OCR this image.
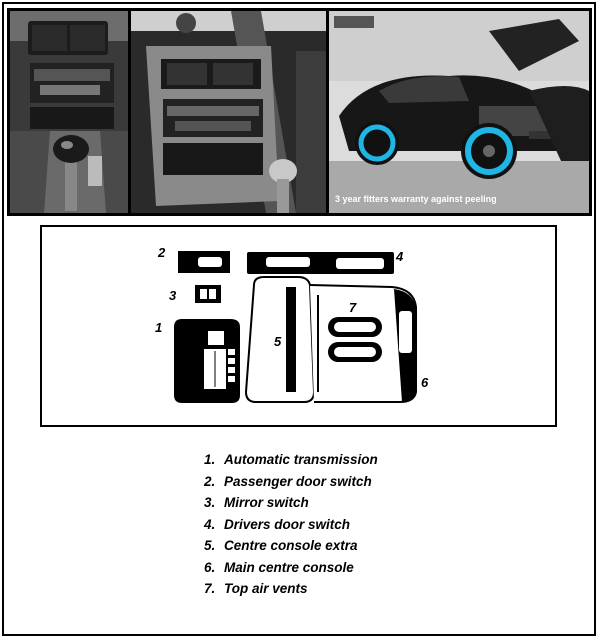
3 year fitters warranty against peeling
2	4
3
1
5
7
6
1. Automatic transmission
2. Passenger door switch
3. Mirror switch
4. Drivers door switch
5. Centre console extra
6. Main centre console
7. Top air vents
